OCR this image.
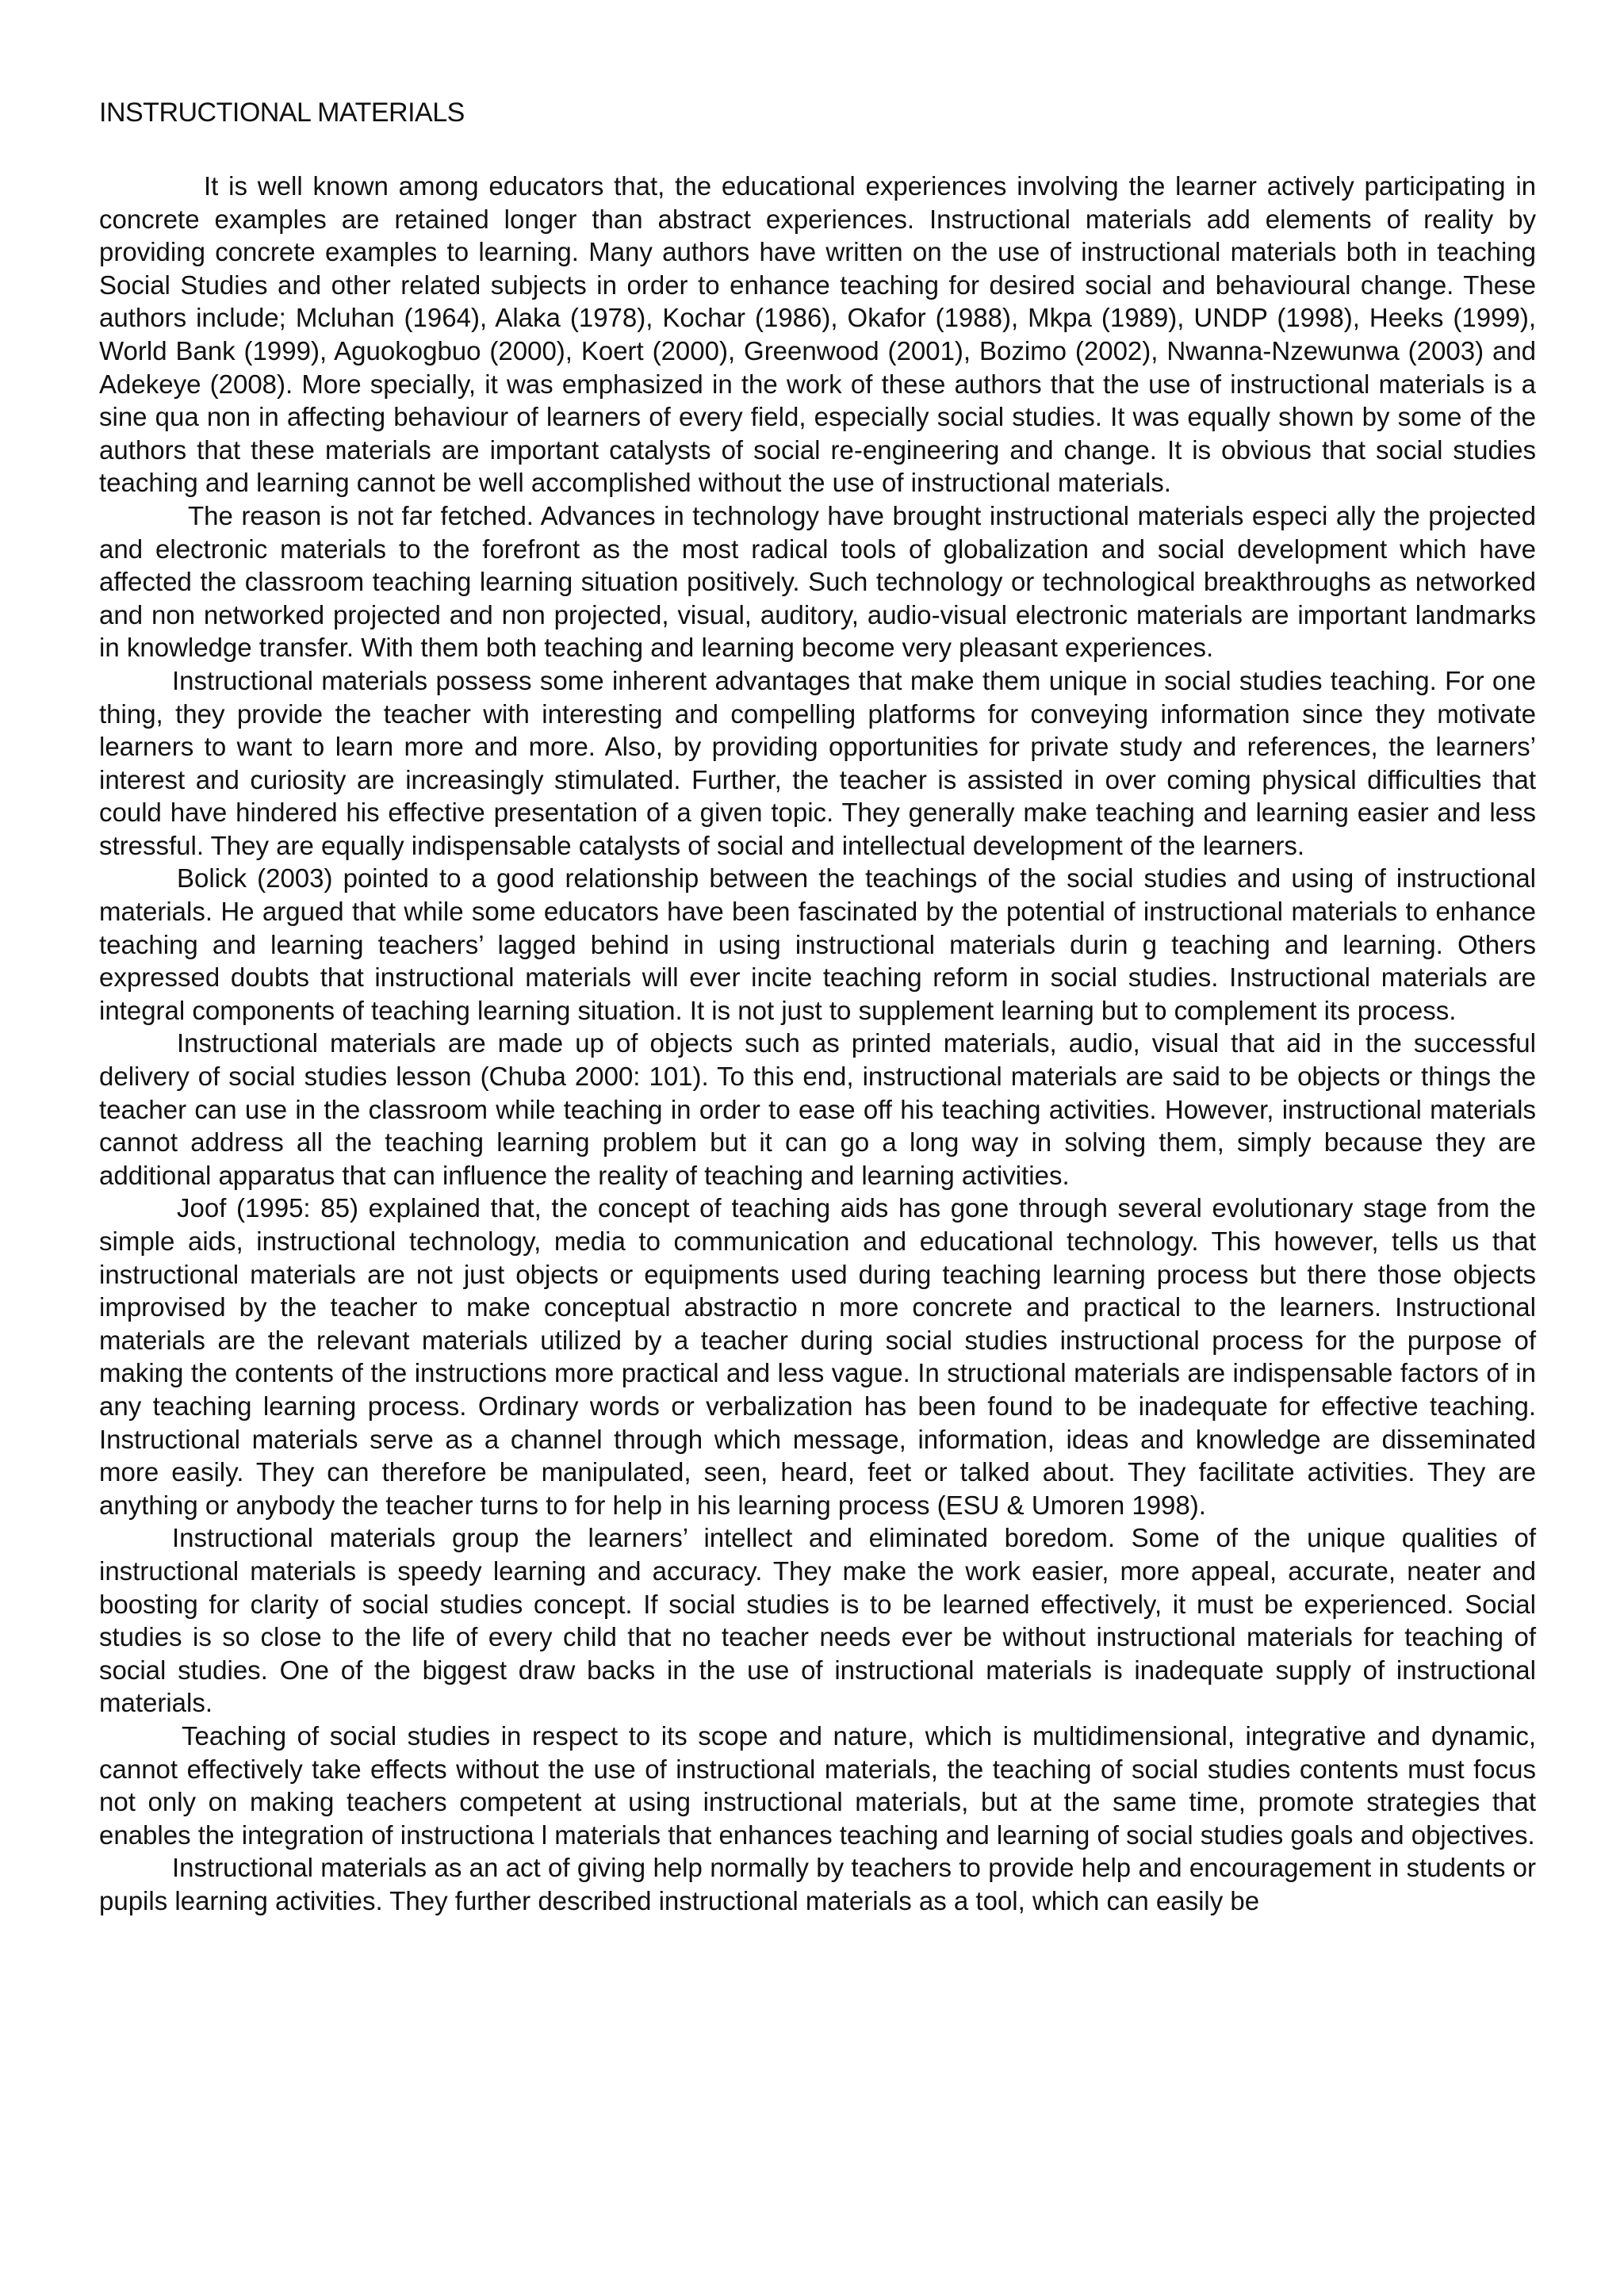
INSTRUCTIONAL MATERIALS

It is well known among educators that, the educational experiences involving the learner actively participating in concrete examples are retained longer than abstract experiences. Instructional materials add elements of reality by providing concrete examples to learning. Many authors have written on the use of instructional materials both in teaching Social Studies and other related subjects in order to enhance teaching for desired social and behavioural change. These authors include; Mcluhan (1964), Alaka (1978), Kochar (1986), Okafor (1988), Mkpa (1989), UNDP (1998), Heeks (1999), World Bank (1999), Aguokogbuo (2000), Koert (2000), Greenwood (2001), Bozimo (2002), Nwanna-Nzewunwa (2003) and Adekeye (2008). More specially, it was emphasized in the work of these authors that the use of instructional materials is a sine qua non in affecting behaviour of learners of every field, especially social studies. It was equally shown by some of the authors that these materials are important catalysts of social re-engineering and change. It is obvious that social studies teaching and learning cannot be well accomplished without the use of instructional materials.

The reason is not far fetched. Advances in technology have brought instructional materials especi ally the projected and electronic materials to the forefront as the most radical tools of globalization and social development which have affected the classroom teaching learning situation positively. Such technology or technological breakthroughs as networked and non networked projected and non projected, visual, auditory, audio-visual electronic materials are important landmarks in knowledge transfer. With them both teaching and learning become very pleasant experiences.

Instructional materials possess some inherent advantages that make them unique in social studies teaching. For one thing, they provide the teacher with interesting and compelling platforms for conveying information since they motivate learners to want to learn more and more. Also, by providing opportunities for private study and references, the learners’ interest and curiosity are increasingly stimulated. Further, the teacher is assisted in over coming physical difficulties that could have hindered his effective presentation of a given topic. They generally make teaching and learning easier and less stressful. They are equally indispensable catalysts of social and intellectual development of the learners.

Bolick (2003) pointed to a good relationship between the teachings of the social studies and using of instructional materials. He argued that while some educators have been fascinated by the potential of instructional materials to enhance teaching and learning teachers’ lagged behind in using instructional materials durin g teaching and learning. Others expressed doubts that instructional materials will ever incite teaching reform in social studies. Instructional materials are integral components of teaching learning situation. It is not just to supplement learning but to complement its process.

Instructional materials are made up of objects such as printed materials, audio, visual that aid in the successful delivery of social studies lesson (Chuba 2000: 101). To this end, instructional materials are said to be objects or things the teacher can use in the classroom while teaching in order to ease off his teaching activities. However, instructional materials cannot address all the teaching learning problem but it can go a long way in solving them, simply because they are additional apparatus that can influence the reality of teaching and learning activities.

Joof (1995: 85) explained that, the concept of teaching aids has gone through several evolutionary stage from the simple aids, instructional technology, media to communication and educational technology. This however, tells us that instructional materials are not just objects or equipments used during teaching learning process but there those objects improvised by the teacher to make conceptual abstractio n more concrete and practical to the learners. Instructional materials are the relevant materials utilized by a teacher during social studies instructional process for the purpose of making the contents of the instructions more practical and less vague. In structional materials are indispensable factors of in any teaching learning process. Ordinary words or verbalization has been found to be inadequate for effective teaching. Instructional materials serve as a channel through which message, information, ideas and knowledge are disseminated more easily. They can therefore be manipulated, seen, heard, feet or talked about. They facilitate activities. They are anything or anybody the teacher turns to for help in his learning process (ESU & Umoren 1998).

Instructional materials group the learners’ intellect and eliminated boredom. Some of the unique qualities of instructional materials is speedy learning and accuracy. They make the work easier, more appeal, accurate, neater and boosting for clarity of social studies concept. If social studies is to be learned effectively, it must be experienced. Social studies is so close to the life of every child that no teacher needs ever be without instructional materials for teaching of social studies. One of the biggest draw backs in the use of instructional materials is inadequate supply of instructional materials.

Teaching of social studies in respect to its scope and nature, which is multidimensional, integrative and dynamic, cannot effectively take effects without the use of instructional materials, the teaching of social studies contents must focus not only on making teachers competent at using instructional materials, but at the same time, promote strategies that enables the integration of instructiona l materials that enhances teaching and learning of social studies goals and objectives.

Instructional materials as an act of giving help normally by teachers to provide help and encouragement in students or pupils learning activities. They further described instructional materials as a tool, which can easily be
